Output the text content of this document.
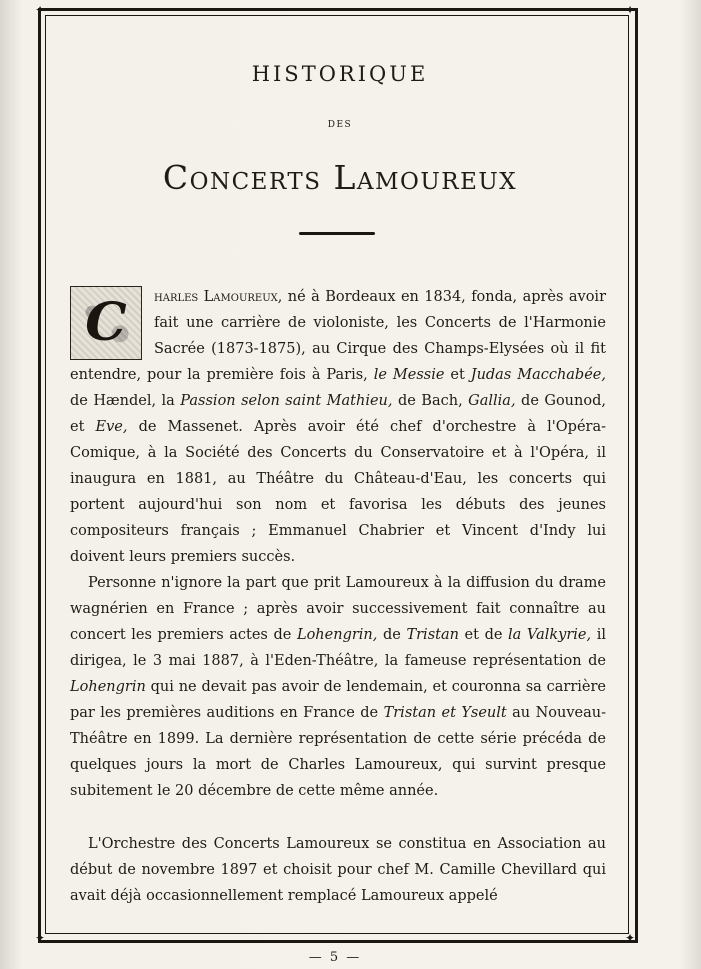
✦	✦
✦	✦
HISTORIQUE
DES
Concerts Lamoureux
C	harles Lamoureux, né à Bordeaux en 1834, fonda, après avoir fait une carrière de violoniste, les Concerts de l'Harmonie Sacrée (1873-1875), au Cirque des Champs-Elysées où il fit entendre, pour la première fois à Paris, le Messie et Judas Macchabée, de Hændel, la Passion selon saint Mathieu, de Bach, Gallia, de Gounod, et Eve, de Massenet. Après avoir été chef d'orchestre à l'Opéra-Comique, à la Société des Concerts du Conservatoire et à l'Opéra, il inaugura en 1881, au Théâtre du Château-d'Eau, les concerts qui portent aujourd'hui son nom et favorisa les débuts des jeunes compositeurs français ; Emmanuel Chabrier et Vincent d'Indy lui doivent leurs premiers succès.
Personne n'ignore la part que prit Lamoureux à la diffusion du drame wagnérien en France ; après avoir successivement fait connaître au concert les premiers actes de Lohengrin, de Tristan et de la Valkyrie, il dirigea, le 3 mai 1887, à l'Eden-Théâtre, la fameuse représentation de Lohengrin qui ne devait pas avoir de lendemain, et couronna sa carrière par les premières auditions en France de Tristan et Yseult au Nouveau-Théâtre en 1899. La dernière représentation de cette série précéda de quelques jours la mort de Charles Lamoureux, qui survint presque subitement le 20 décembre de cette même année.
L'Orchestre des Concerts Lamoureux se constitua en Association au début de novembre 1897 et choisit pour chef M. Camille Chevillard qui avait déjà occasionnellement remplacé Lamoureux appelé
— 5 —
